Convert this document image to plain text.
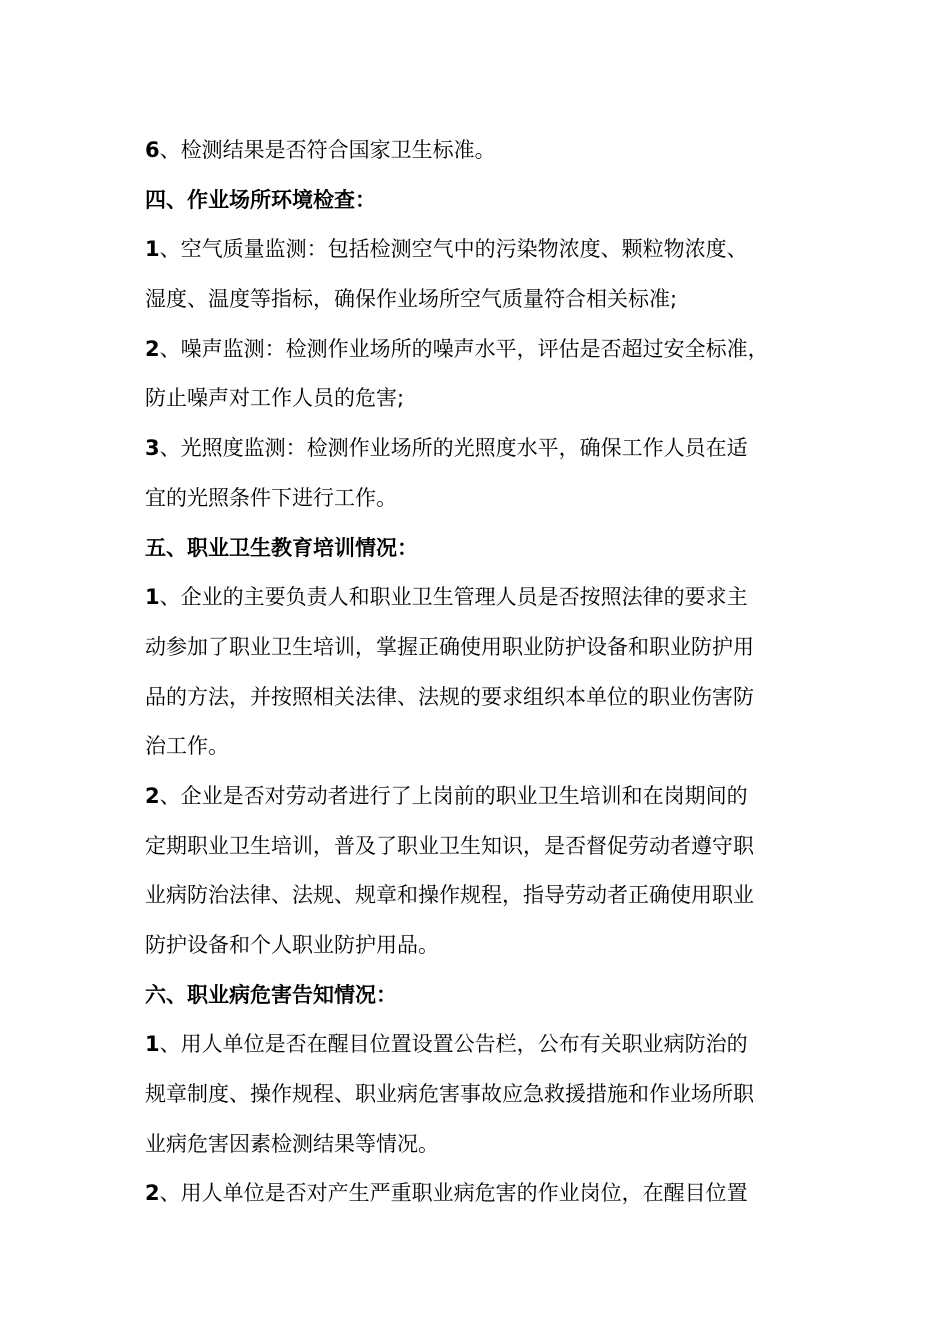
6、检测结果是否符合国家卫生标准。
四、作业场所环境检查：
1、空气质量监测：包括检测空气中的污染物浓度、颗粒物浓度、
湿度、温度等指标，确保作业场所空气质量符合相关标准;
2、噪声监测：检测作业场所的噪声水平，评估是否超过安全标准，
防止噪声对工作人员的危害;
3、光照度监测：检测作业场所的光照度水平，确保工作人员在适
宜的光照条件下进行工作。
五、职业卫生教育培训情况：
1、企业的主要负责人和职业卫生管理人员是否按照法律的要求主
动参加了职业卫生培训，掌握正确使用职业防护设备和职业防护用
品的方法，并按照相关法律、法规的要求组织本单位的职业伤害防
治工作。
2、企业是否对劳动者进行了上岗前的职业卫生培训和在岗期间的
定期职业卫生培训，普及了职业卫生知识，是否督促劳动者遵守职
业病防治法律、法规、规章和操作规程，指导劳动者正确使用职业
防护设备和个人职业防护用品。
六、职业病危害告知情况：
1、用人单位是否在醒目位置设置公告栏，公布有关职业病防治的
规章制度、操作规程、职业病危害事故应急救援措施和作业场所职
业病危害因素检测结果等情况。
2、用人单位是否对产生严重职业病危害的作业岗位，在醒目位置
